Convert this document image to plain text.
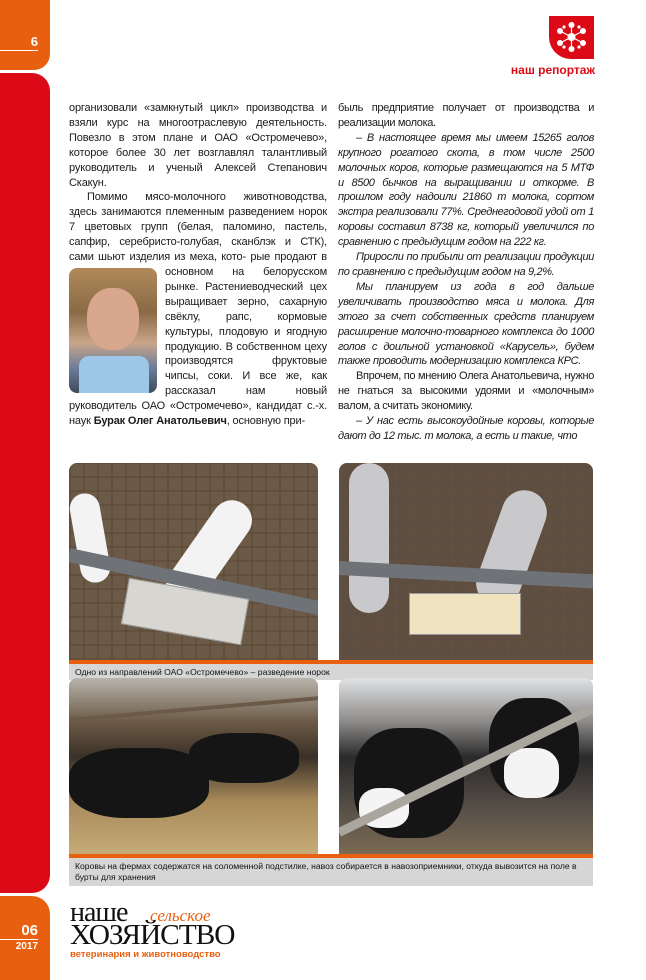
6
06
2017
наш репортаж

организовали «замкнутый цикл» производства и взяли курс на многоотраслевую деятельность. Повезло в этом плане и ОАО «Остромечево», которое более 30 лет возглавлял талантливый руководитель и ученый Алексей Степанович Скакун.

Помимо мясо-молочного животноводства, здесь занимаются племенным разведением норок 7 цветовых групп (белая, паломино, пастель, сапфир, серебристо-голубая, сканблэк и СТК), сами шьют изделия из меха, кото-
рые продают в основном на белорусском рынке. Растениеводческий цех выращивает зерно, сахарную свёклу, рапс, кормовые культуры, плодовую и ягодную продукцию. В собственном цеху производятся фруктовые чипсы, соки. И все же, как рассказал нам новый руководитель ОАО «Остромечево», кандидат с.-х. наук Бурак Олег Анатольевич, основную при-

быль предприятие получает от производства и реализации молока.

– В настоящее время мы имеем 15265 голов крупного рогатого скота, в том числе 2500 молочных коров, которые размещаются на 5 МТФ и 8500 бычков на выращивании и откорме. В прошлом году надоили 21860 т молока, сортом экстра реализовали 77%. Среднегодовой удой от 1 коровы составил 8738 кг, который увеличился по сравнению с предыдущим годом на 222 кг.

Приросли по прибыли от реализации продукции по сравнению с предыдущим годом на 9,2%.

Мы планируем из года в год дальше увеличивать производство мяса и молока. Для этого за счет собственных средств планируем расширение молочно-товарного комплекса до 1000 голов с доильной установкой «Карусель», будем также проводить модернизацию комплекса КРС.

Впрочем, по мнению Олега Анатольевича, нужно не гнаться за высокими удоями и «молочным» валом, а считать экономику.

– У нас есть высокоудойные коровы, которые дают до 12 тыс. т молока, а есть и такие, что

Одно из направлений ОАО «Остромечево» – разведение норок
Коровы на фермах содержатся на соломенной подстилке, навоз собирается в навозоприемники, откуда вывозится на поле в бурты для хранения
наше	сельское
ХОЗЯЙСТВО
ветеринария и животноводство
